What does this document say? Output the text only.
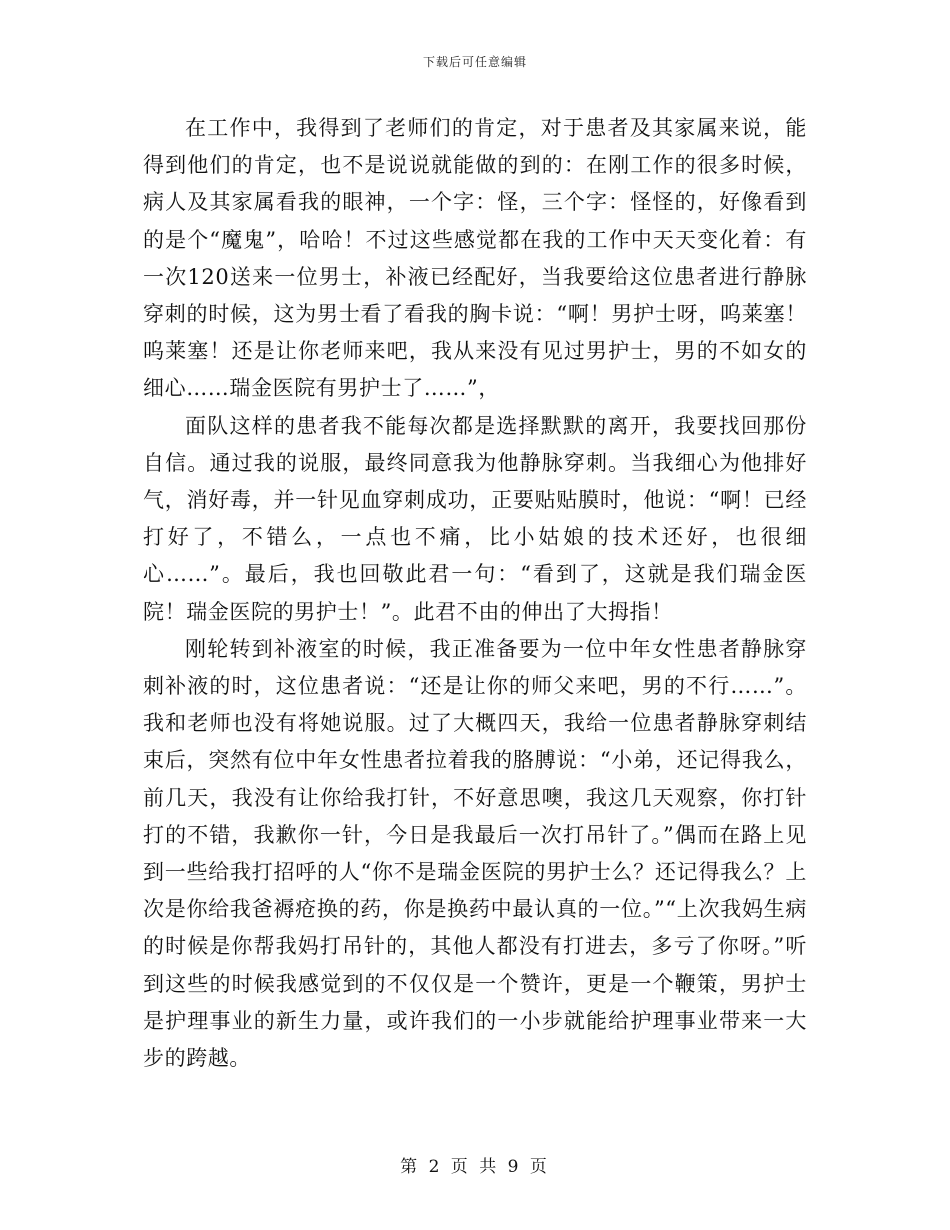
下载后可任意编辑

在工作中，我得到了老师们的肯定，对于患者及其家属来说，能得到他们的肯定，也不是说说就能做的到的：在刚工作的很多时候，病人及其家属看我的眼神，一个字：怪，三个字：怪怪的，好像看到的是个“魔鬼”，哈哈！不过这些感觉都在我的工作中天天变化着：有一次120送来一位男士，补液已经配好，当我要给这位患者进行静脉穿刺的时候，这为男士看了看我的胸卡说：“啊！男护士呀，呜莱塞！呜莱塞！还是让你老师来吧，我从来没有见过男护士，男的不如女的细心……瑞金医院有男护士了……”，

面队这样的患者我不能每次都是选择默默的离开，我要找回那份自信。通过我的说服，最终同意我为他静脉穿刺。当我细心为他排好气，消好毒，并一针见血穿刺成功，正要贴贴膜时，他说：“啊！已经打好了，不错么，一点也不痛，比小姑娘的技术还好，也很细心……”。最后，我也回敬此君一句：“看到了，这就是我们瑞金医院！瑞金医院的男护士！”。此君不由的伸出了大拇指！

刚轮转到补液室的时候，我正准备要为一位中年女性患者静脉穿刺补液的时，这位患者说：“还是让你的师父来吧，男的不行……”。我和老师也没有将她说服。过了大概四天，我给一位患者静脉穿刺结束后，突然有位中年女性患者拉着我的胳膊说：“小弟，还记得我么，前几天，我没有让你给我打针，不好意思噢，我这几天观察，你打针打的不错，我歉你一针，今日是我最后一次打吊针了。”偶而在路上见到一些给我打招呼的人“你不是瑞金医院的男护士么？还记得我么？上次是你给我爸褥疮换的药，你是换药中最认真的一位。”“上次我妈生病的时候是你帮我妈打吊针的，其他人都没有打进去，多亏了你呀。”听到这些的时候我感觉到的不仅仅是一个赞许，更是一个鞭策，男护士是护理事业的新生力量，或许我们的一小步就能给护理事业带来一大步的跨越。

第 2 页 共 9 页
